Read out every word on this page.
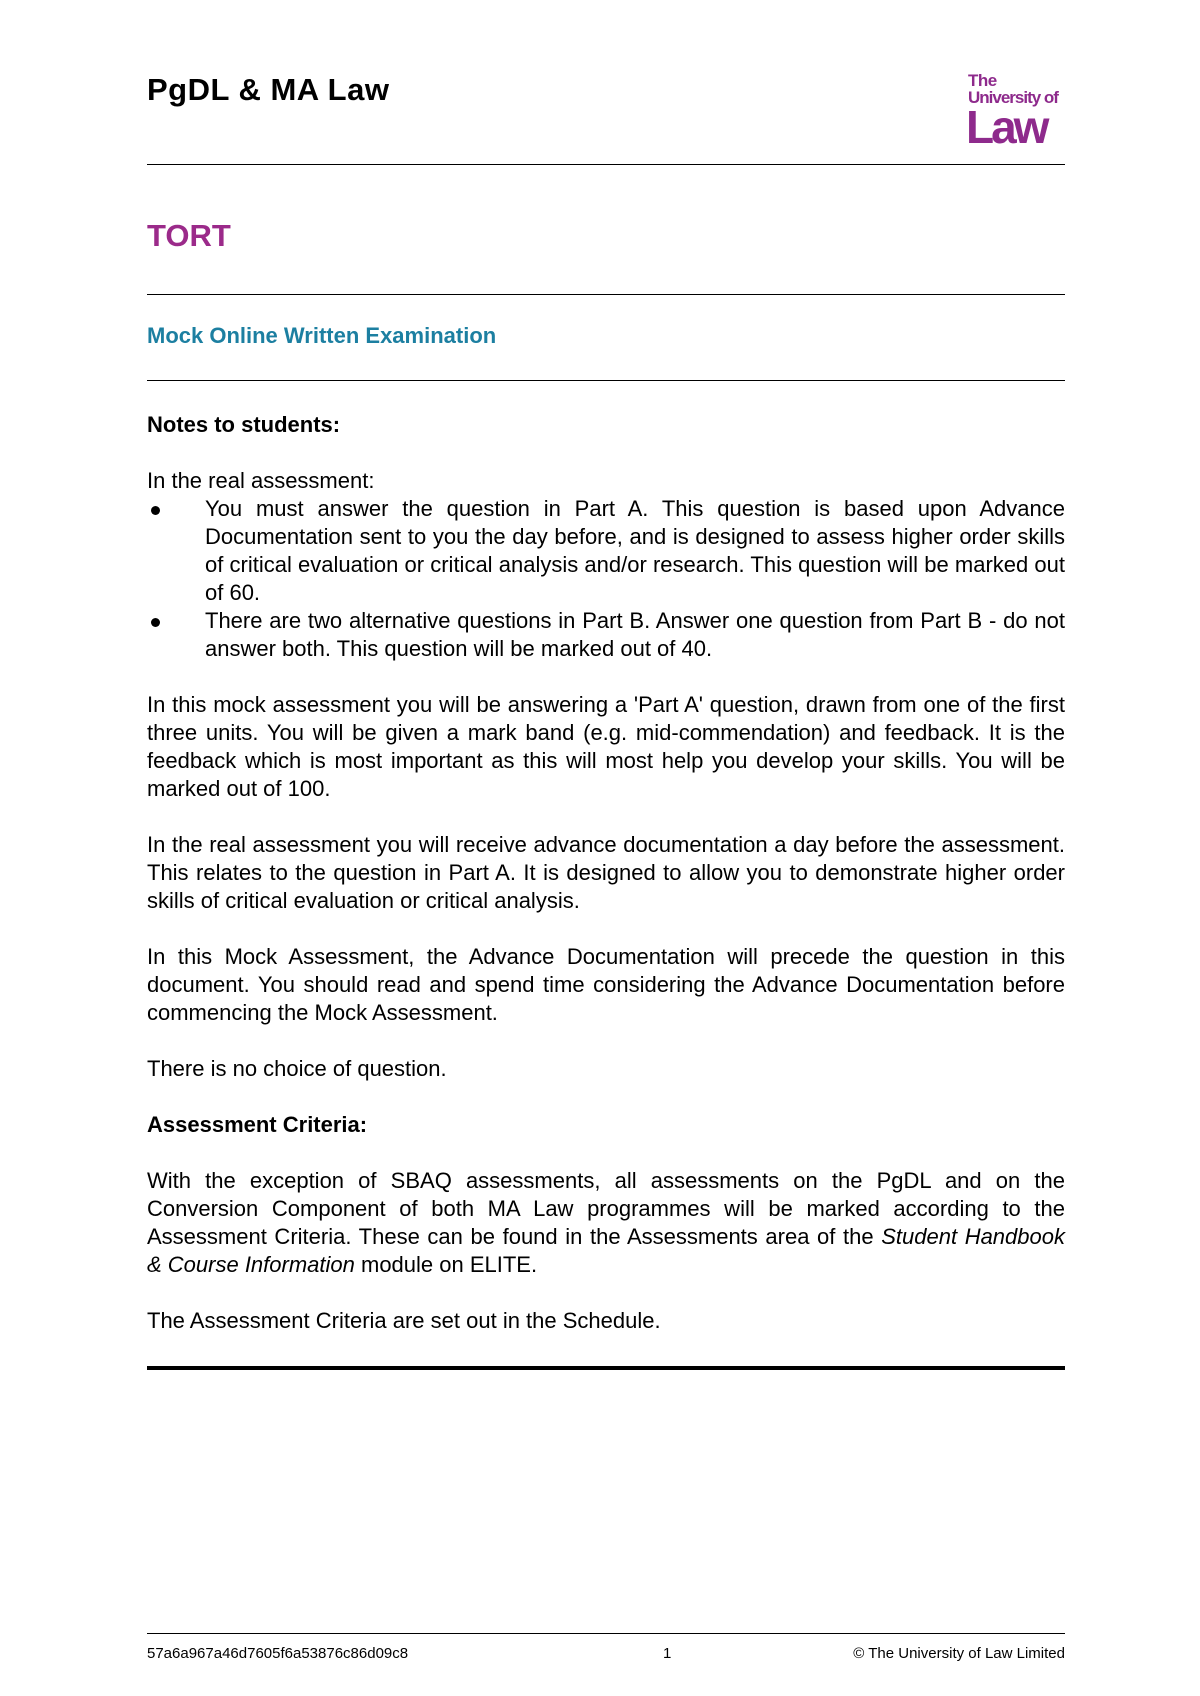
PgDL & MA Law	The
University of
Law
TORT
Mock Online Written Examination

Notes to students:

In the real assessment:

You must answer the question in Part A. This question is based upon Advance Documentation sent to you the day before, and is designed to assess higher order skills of critical evaluation or critical analysis and/or research. This question will be marked out of 60.
There are two alternative questions in Part B. Answer one question from Part B - do not answer both. This question will be marked out of 40.

In this mock assessment you will be answering a 'Part A' question, drawn from one of the first three units. You will be given a mark band (e.g. mid-commendation) and feedback. It is the feedback which is most important as this will most help you develop your skills. You will be marked out of 100.

In the real assessment you will receive advance documentation a day before the assessment. This relates to the question in Part A. It is designed to allow you to demonstrate higher order skills of critical evaluation or critical analysis.

In this Mock Assessment, the Advance Documentation will precede the question in this document. You should read and spend time considering the Advance Documentation before commencing the Mock Assessment.

There is no choice of question.

Assessment Criteria:

With the exception of SBAQ assessments, all assessments on the PgDL and on the Conversion Component of both MA Law programmes will be marked according to the Assessment Criteria. These can be found in the Assessments area of the Student Handbook & Course Information module on ELITE.

The Assessment Criteria are set out in the Schedule.

57a6a967a46d7605f6a53876c86d09c8	1	© The University of Law Limited
